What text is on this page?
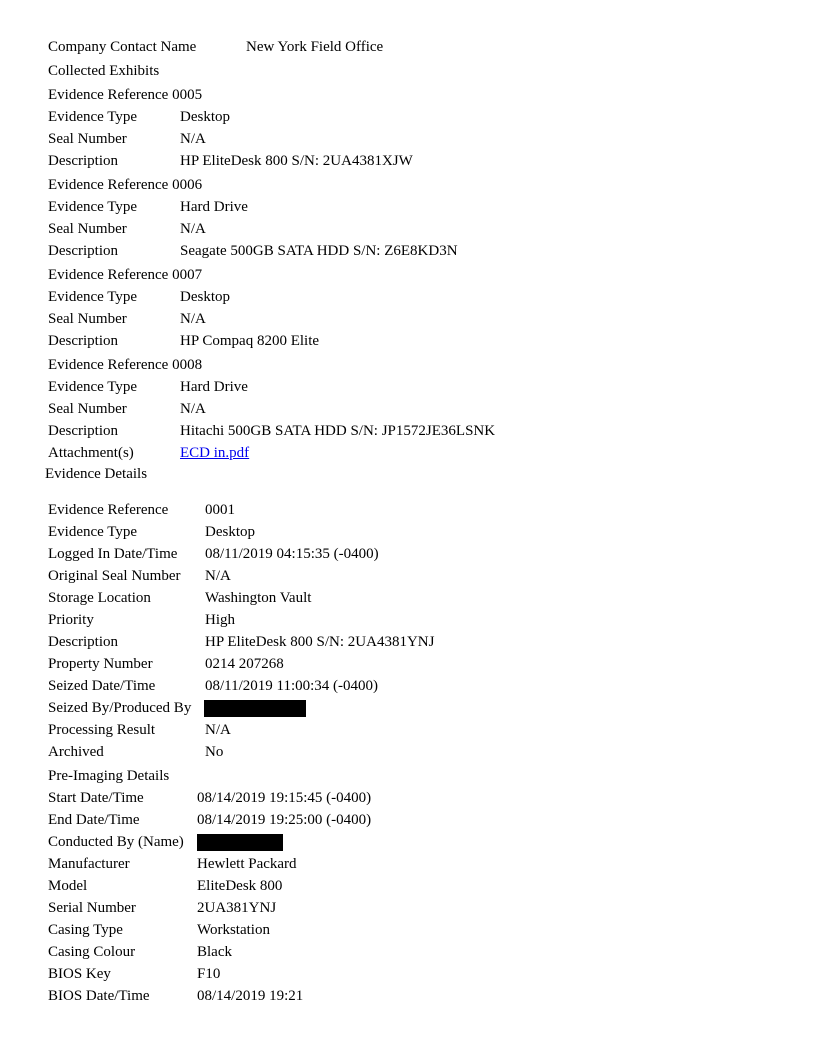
Company Contact Name	New York Field Office
Collected Exhibits
Evidence Reference 0005
Evidence Type	Desktop
Seal Number	N/A
Description	HP EliteDesk 800 S/N: 2UA4381XJW
Evidence Reference 0006
Evidence Type	Hard Drive
Seal Number	N/A
Description	Seagate 500GB SATA HDD S/N: Z6E8KD3N
Evidence Reference 0007
Evidence Type	Desktop
Seal Number	N/A
Description	HP Compaq 8200 Elite
Evidence Reference 0008
Evidence Type	Hard Drive
Seal Number	N/A
Description	Hitachi 500GB SATA HDD S/N: JP1572JE36LSNK
Attachment(s)	ECD in.pdf
Evidence Details
Evidence Reference 0001
Evidence Type	Desktop
Logged In Date/Time 08/11/2019 04:15:35 (-0400)
Original Seal Number N/A
Storage Location	Washington Vault
Priority	High
Description	HP EliteDesk 800 S/N: 2UA4381YNJ
Property Number	0214 207268
Seized Date/Time	08/11/2019 11:00:34 (-0400)
Seized By/Produced By
Processing Result	N/A
Archived	No
Pre-Imaging Details
Start Date/Time	08/14/2019 19:15:45 (-0400)
End Date/Time	08/14/2019 19:25:00 (-0400)
Conducted By (Name)
Manufacturer	Hewlett Packard
Model	EliteDesk 800
Serial Number	2UA381YNJ
Casing Type	Workstation
Casing Colour	Black
BIOS Key	F10
BIOS Date/Time	08/14/2019 19:21
